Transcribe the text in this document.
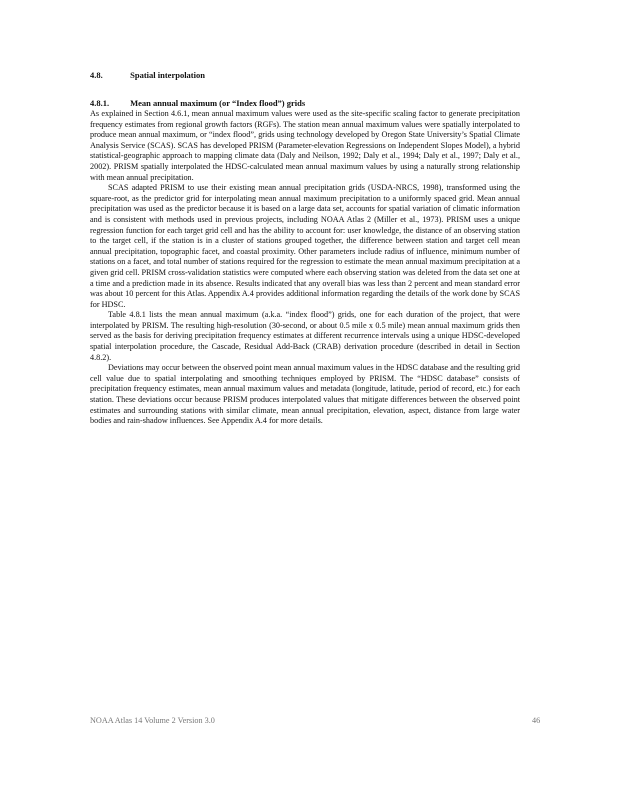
4.8.	Spatial interpolation
4.8.1. Mean annual maximum (or “Index flood”) grids

As explained in Section 4.6.1, mean annual maximum values were used as the site-specific scaling factor to generate precipitation frequency estimates from regional growth factors (RGFs). The station mean annual maximum values were spatially interpolated to produce mean annual maximum, or “index flood”, grids using technology developed by Oregon State University’s Spatial Climate Analysis Service (SCAS). SCAS has developed PRISM (Parameter-elevation Regressions on Independent Slopes Model), a hybrid statistical-geographic approach to mapping climate data (Daly and Neilson, 1992; Daly et al., 1994; Daly et al., 1997; Daly et al., 2002). PRISM spatially interpolated the HDSC-calculated mean annual maximum values by using a naturally strong relationship with mean annual precipitation.

SCAS adapted PRISM to use their existing mean annual precipitation grids (USDA-NRCS, 1998), transformed using the square-root, as the predictor grid for interpolating mean annual maximum precipitation to a uniformly spaced grid. Mean annual precipitation was used as the predictor because it is based on a large data set, accounts for spatial variation of climatic information and is consistent with methods used in previous projects, including NOAA Atlas 2 (Miller et al., 1973). PRISM uses a unique regression function for each target grid cell and has the ability to account for: user knowledge, the distance of an observing station to the target cell, if the station is in a cluster of stations grouped together, the difference between station and target cell mean annual precipitation, topographic facet, and coastal proximity. Other parameters include radius of influence, minimum number of stations on a facet, and total number of stations required for the regression to estimate the mean annual maximum precipitation at a given grid cell. PRISM cross-validation statistics were computed where each observing station was deleted from the data set one at a time and a prediction made in its absence. Results indicated that any overall bias was less than 2 percent and mean standard error was about 10 percent for this Atlas. Appendix A.4 provides additional information regarding the details of the work done by SCAS for HDSC.

Table 4.8.1 lists the mean annual maximum (a.k.a. “index flood”) grids, one for each duration of the project, that were interpolated by PRISM. The resulting high-resolution (30-second, or about 0.5 mile x 0.5 mile) mean annual maximum grids then served as the basis for deriving precipitation frequency estimates at different recurrence intervals using a unique HDSC-developed spatial interpolation procedure, the Cascade, Residual Add-Back (CRAB) derivation procedure (described in detail in Section 4.8.2).

Deviations may occur between the observed point mean annual maximum values in the HDSC database and the resulting grid cell value due to spatial interpolating and smoothing techniques employed by PRISM. The “HDSC database” consists of precipitation frequency estimates, mean annual maximum values and metadata (longitude, latitude, period of record, etc.) for each station. These deviations occur because PRISM produces interpolated values that mitigate differences between the observed point estimates and surrounding stations with similar climate, mean annual precipitation, elevation, aspect, distance from large water bodies and rain-shadow influences. See Appendix A.4 for more details.

NOAA Atlas 14 Volume 2 Version 3.0	46
